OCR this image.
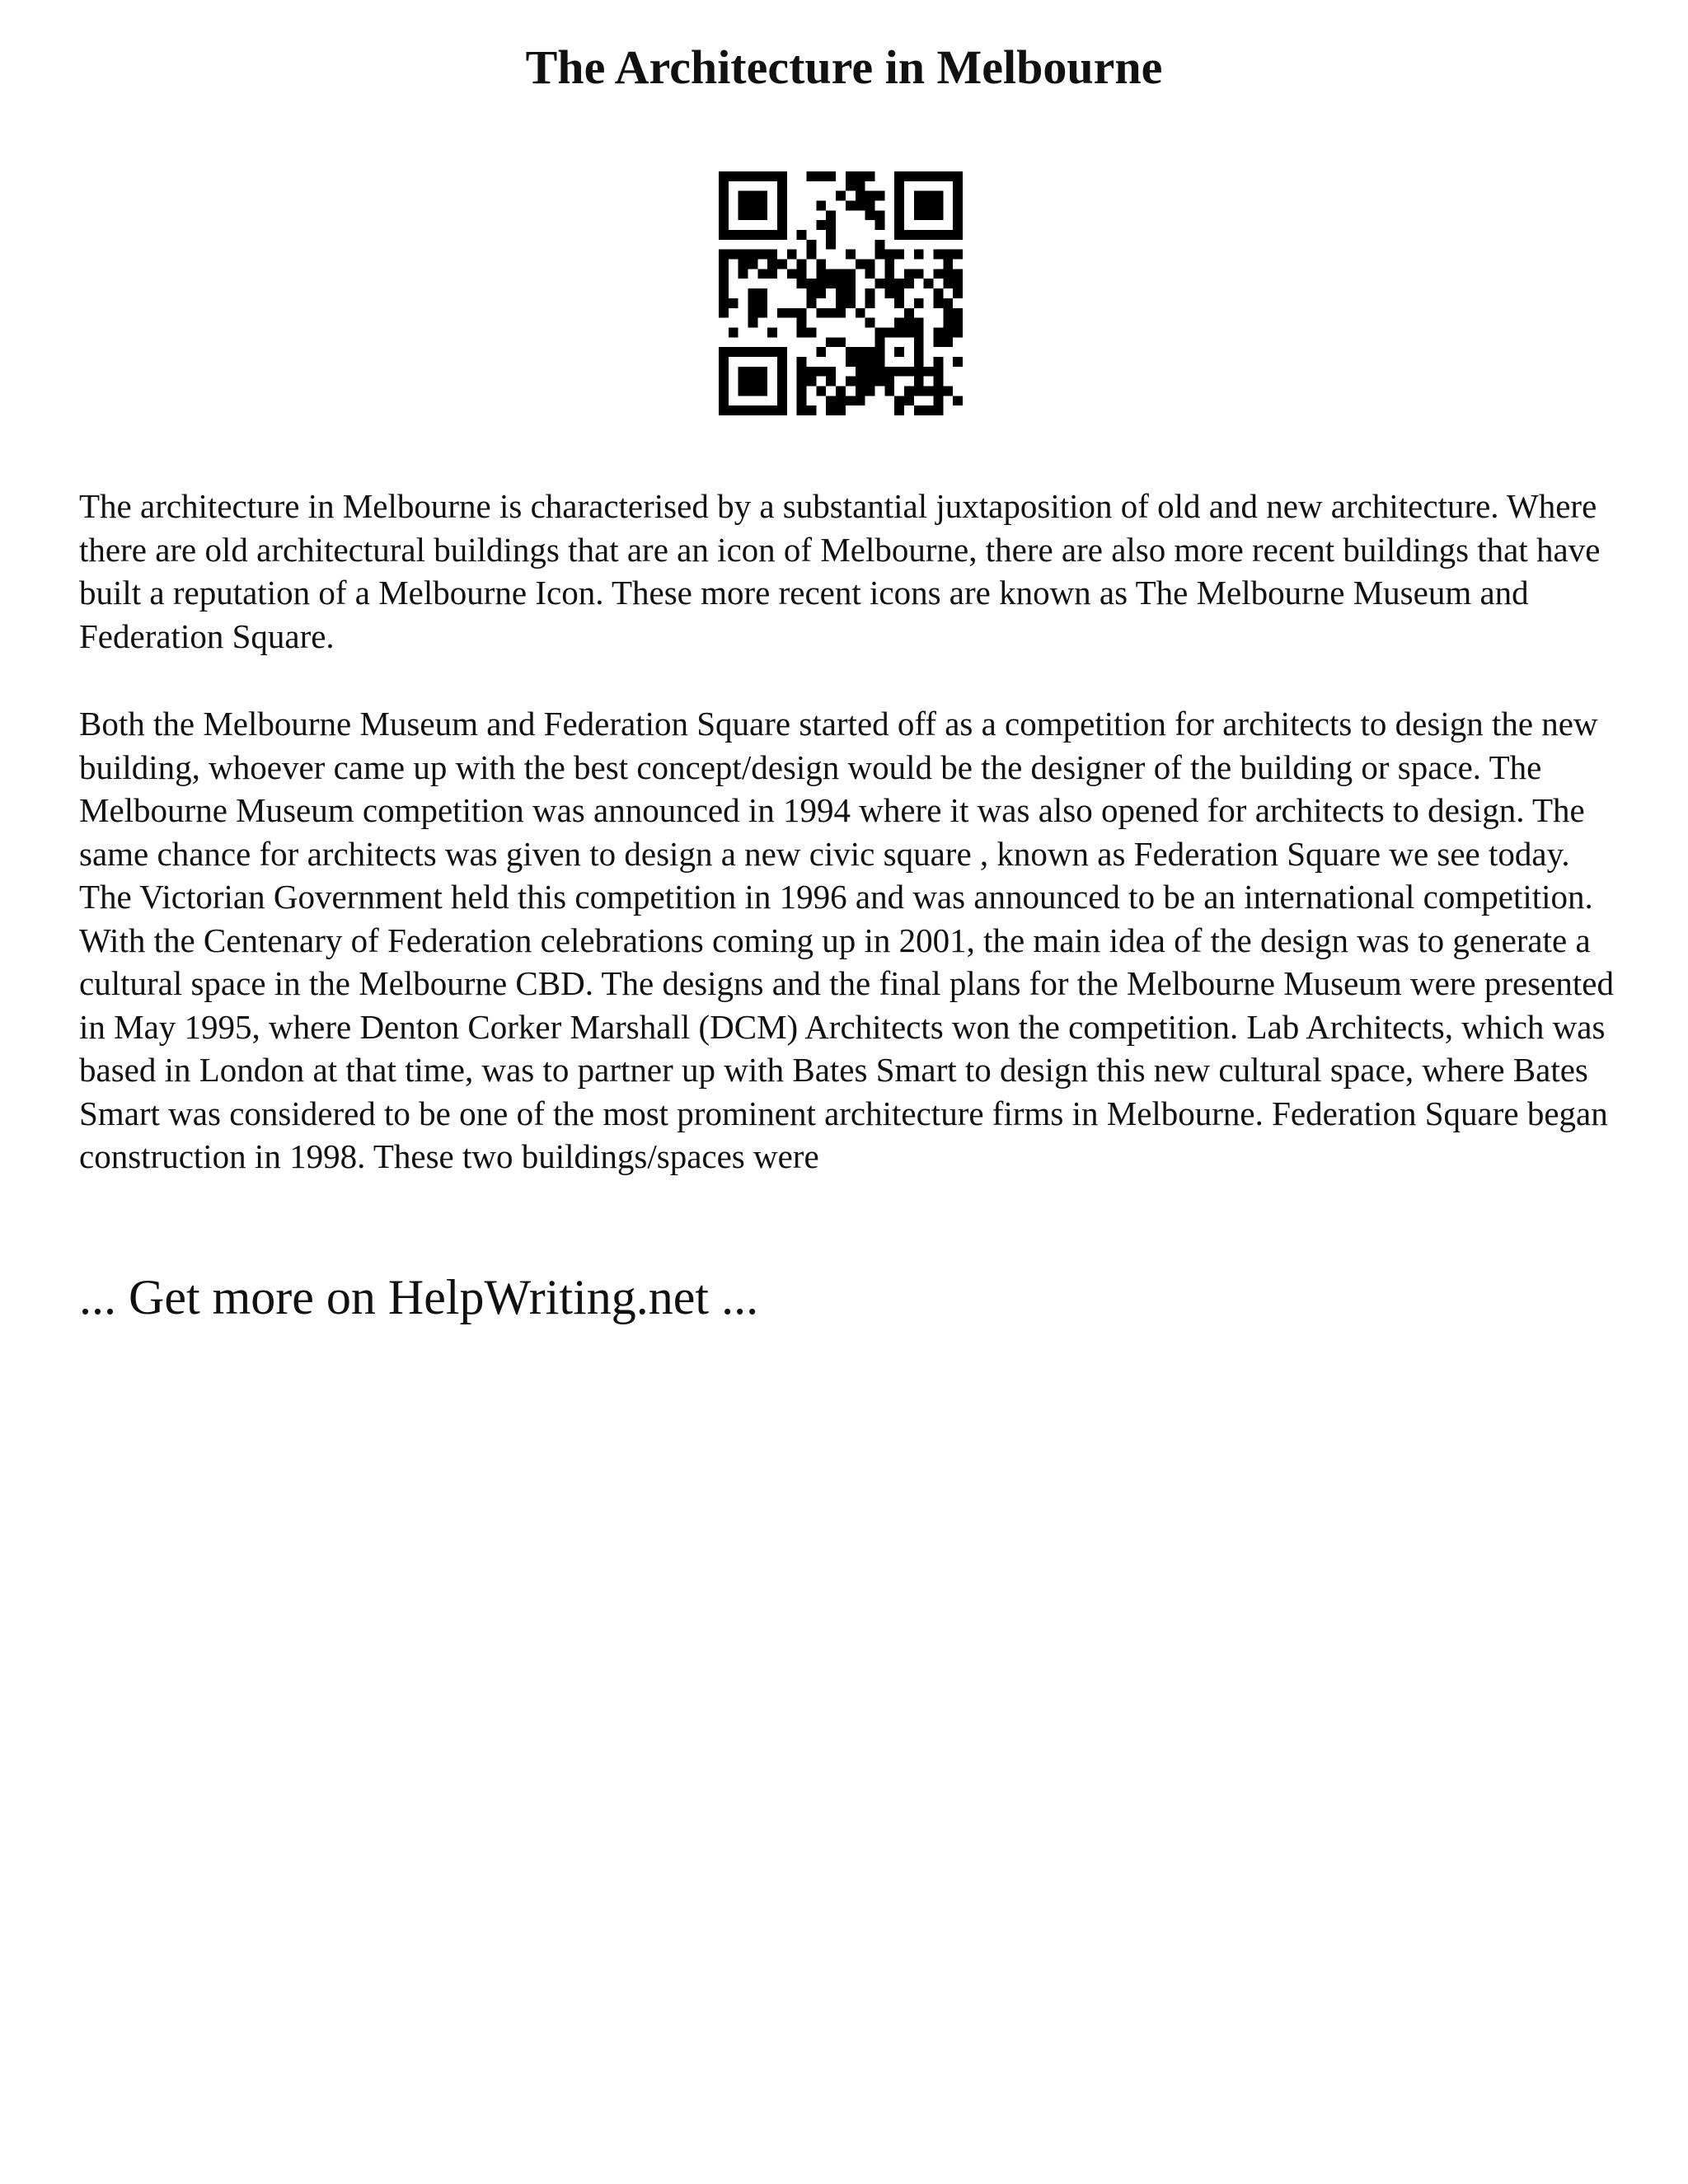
The Architecture in Melbourne

The architecture in Melbourne is characterised by a substantial juxtaposition of old and new architecture. Where there are old architectural buildings that are an icon of Melbourne, there are also more recent buildings that have built a reputation of a Melbourne Icon. These more recent icons are known as The Melbourne Museum and Federation Square.

Both the Melbourne Museum and Federation Square started off as a competition for architects to design the new building, whoever came up with the best concept/design would be the designer of the building or space. The Melbourne Museum competition was announced in 1994 where it was also opened for architects to design. The same chance for architects was given to design a new civic square , known as Federation Square we see today. The Victorian Government held this competition in 1996 and was announced to be an international competition. With the Centenary of Federation celebrations coming up in 2001, the main idea of the design was to generate a cultural space in the Melbourne CBD. The designs and the final plans for the Melbourne Museum were presented in May 1995, where Denton Corker Marshall (DCM) Architects won the competition. Lab Architects, which was based in London at that time, was to partner up with Bates Smart to design this new cultural space, where Bates Smart was considered to be one of the most prominent architecture firms in Melbourne. Federation Square began construction in 1998. These two buildings/spaces were

... Get more on HelpWriting.net ...
